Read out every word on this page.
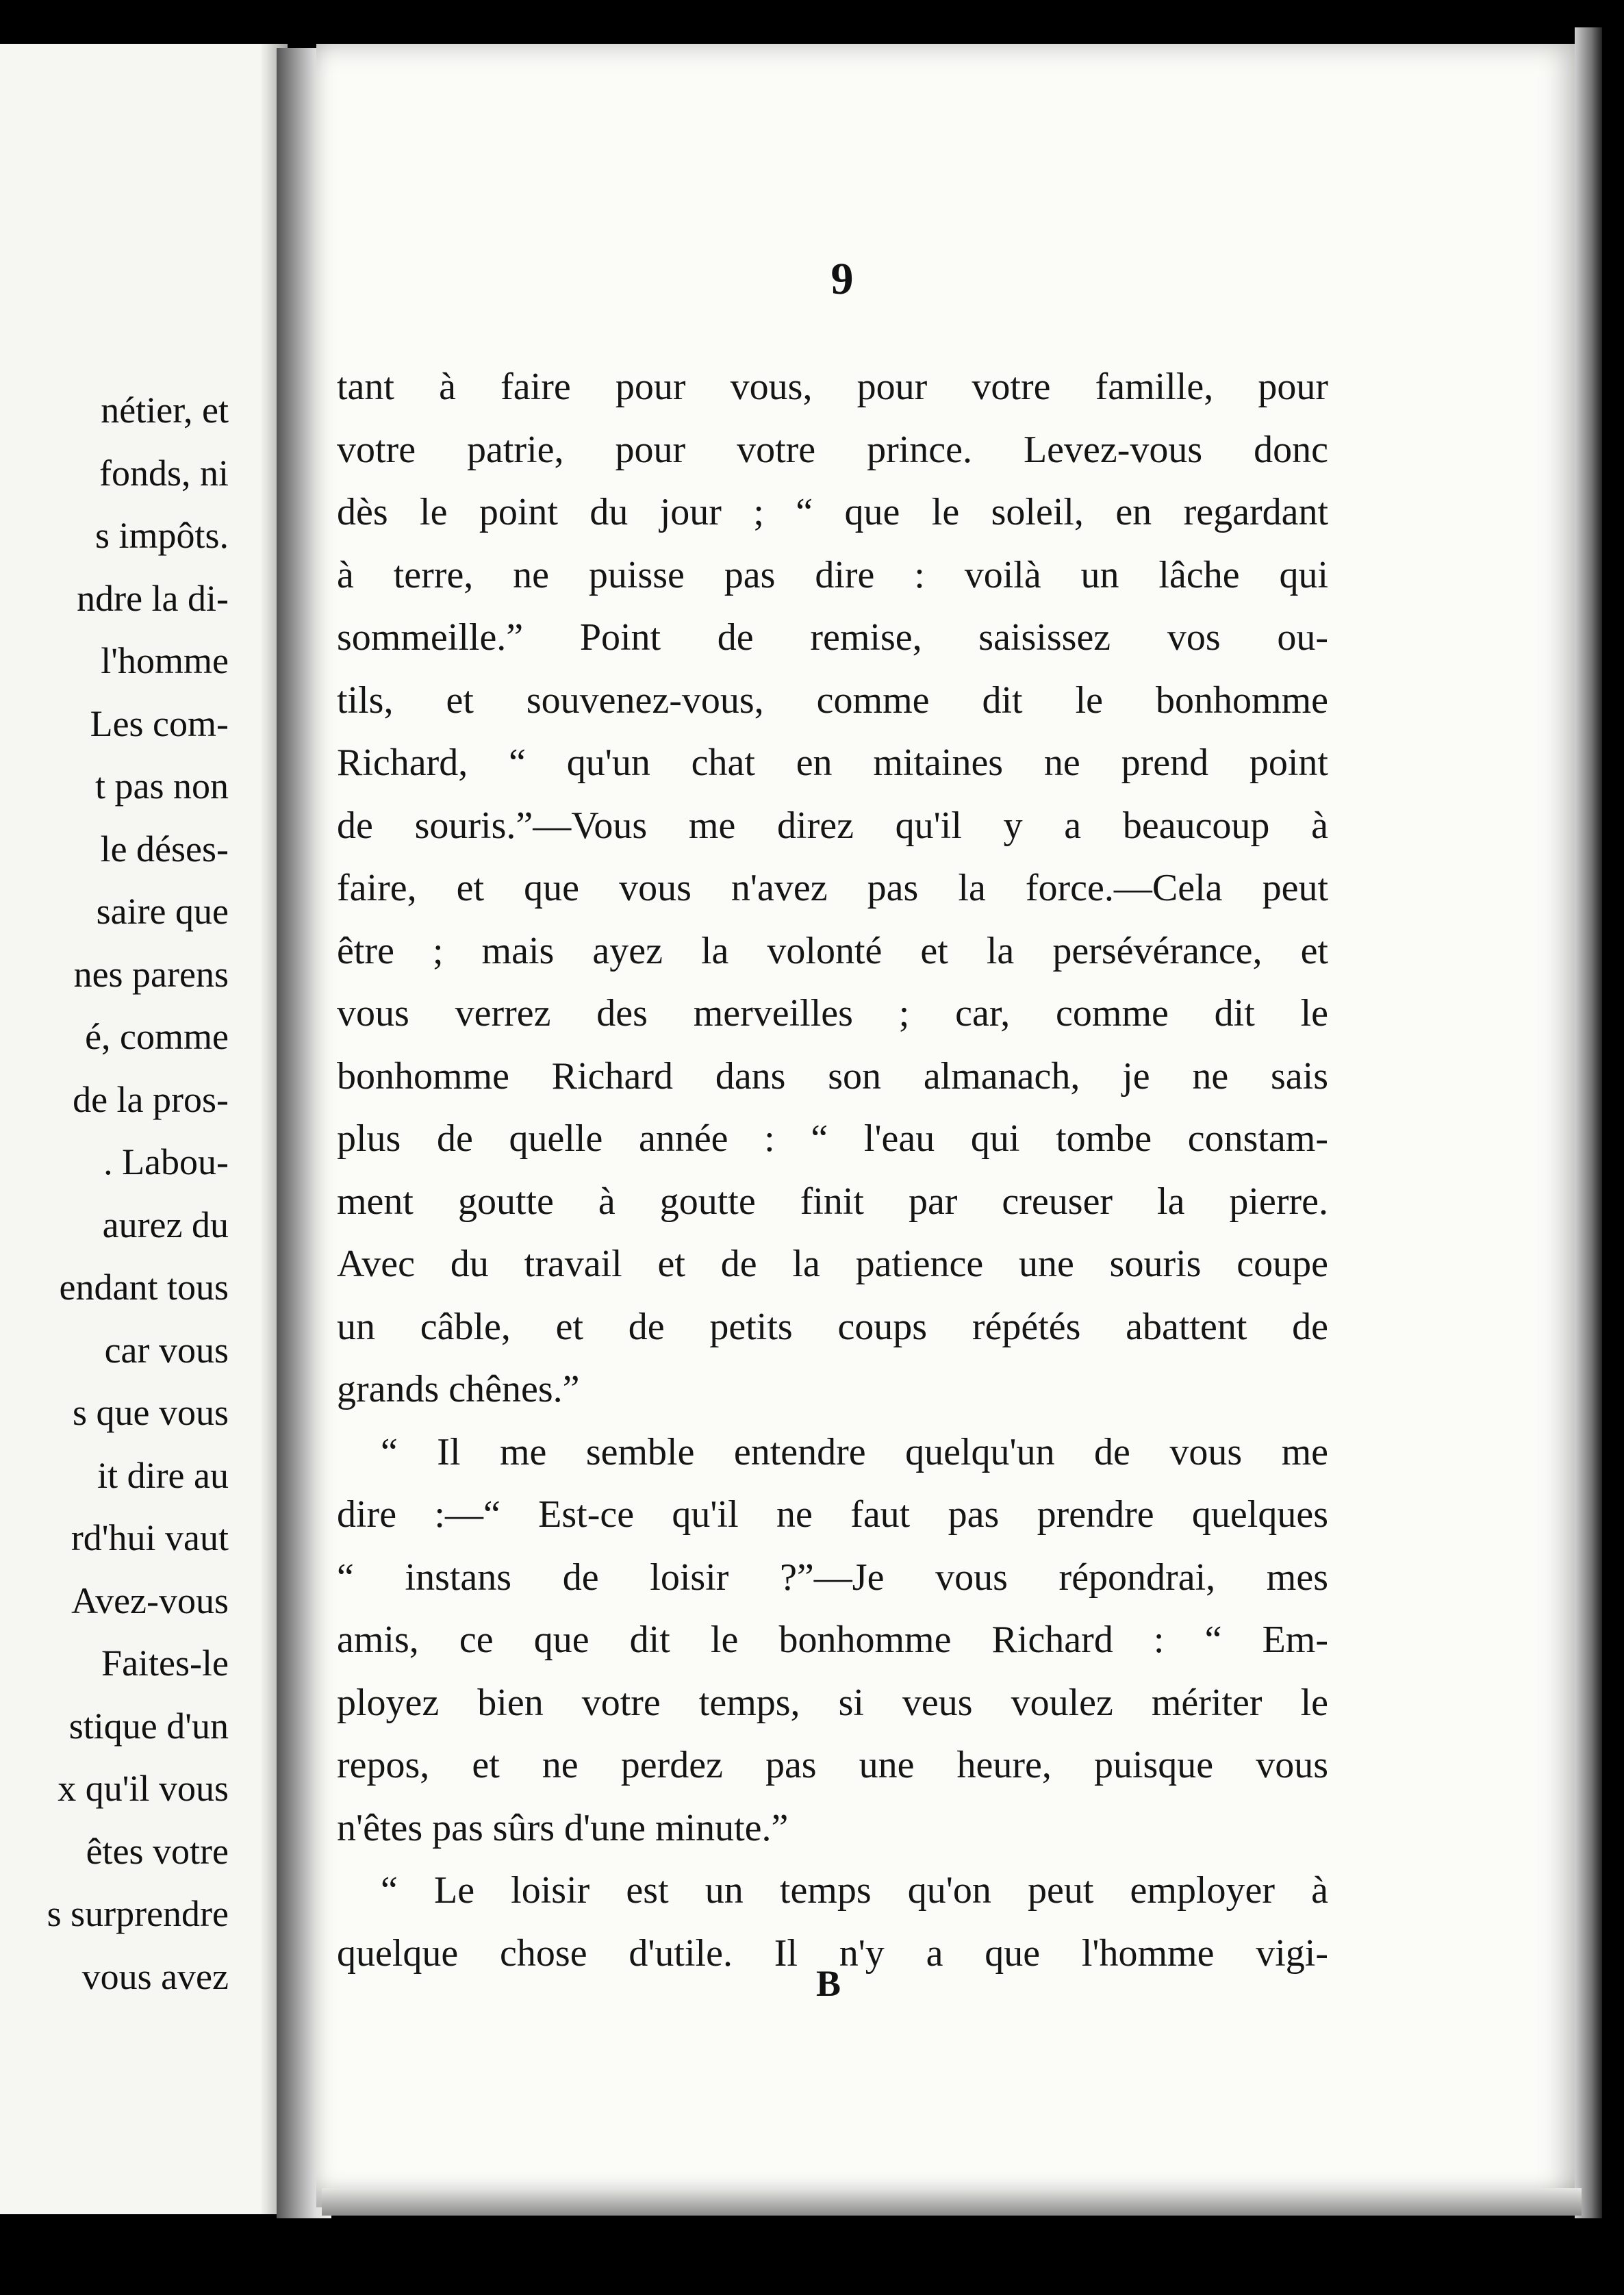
nétier, et
fonds, ni
s impôts.
ndre la di-
l'homme
Les com-
t pas non
le déses-
saire que
nes parens
é, comme
de la pros-
. Labou-
aurez du
endant tous
car vous
s que vous
it dire au
rd'hui vaut
Avez-vous
Faites-le
stique d'un
x qu'il vous
êtes votre
s surprendre
vous avez
9
tant à faire pour vous, pour votre famille, pour
votre patrie, pour votre prince. Levez-vous donc
dès le point du jour ; “ que le soleil, en regardant
à terre, ne puisse pas dire : voilà un lâche qui
sommeille.” Point de remise, saisissez vos ou-
tils, et souvenez-vous, comme dit le bonhomme
Richard, “ qu'un chat en mitaines ne prend point
de souris.”—Vous me direz qu'il y a beaucoup à
faire, et que vous n'avez pas la force.—Cela peut
être ; mais ayez la volonté et la persévérance, et
vous verrez des merveilles ; car, comme dit le
bonhomme Richard dans son almanach, je ne sais
plus de quelle année : “ l'eau qui tombe constam-
ment goutte à goutte finit par creuser la pierre.
Avec du travail et de la patience une souris coupe
un câble, et de petits coups répétés abattent de
grands chênes.”
“ Il me semble entendre quelqu'un de vous me
dire :—“ Est-ce qu'il ne faut pas prendre quelques
“ instans de loisir ?”—Je vous répondrai, mes
amis, ce que dit le bonhomme Richard : “ Em-
ployez bien votre temps, si veus voulez mériter le
repos, et ne perdez pas une heure, puisque vous
n'êtes pas sûrs d'une minute.”
“ Le loisir est un temps qu'on peut employer à
quelque chose d'utile. Il n'y a que l'homme vigi-
B
